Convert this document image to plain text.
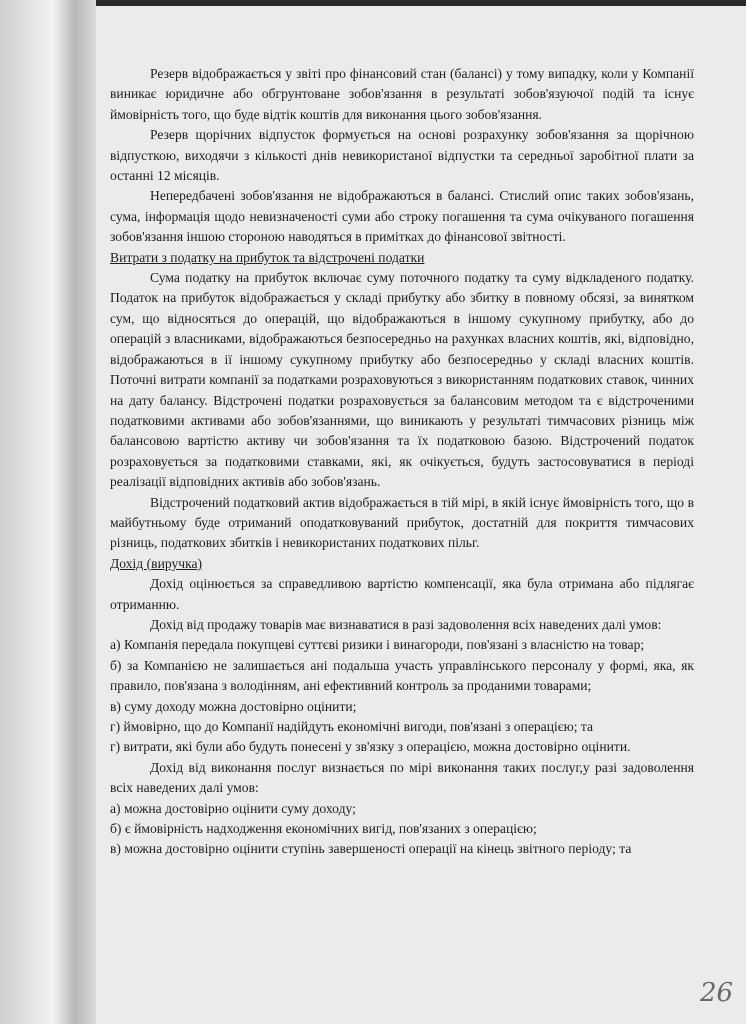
Резерв відображається у звіті про фінансовий стан (балансі) у тому випадку, коли у Компанії виникає юридичне або обгрунтоване зобов'язання в результаті зобов'язуючої подій та існує ймовірність того, що буде відтік коштів для виконання цього зобов'язання.

Резерв щорічних відпусток формується на основі розрахунку зобов'язання за щорічною відпусткою, виходячи з кількості днів невикористаної відпустки та середньої заробітної плати за останні 12 місяців.

Непередбачені зобов'язання не відображаються в балансі. Стислий опис таких зобов'язань, сума, інформація щодо невизначеності суми або строку погашення та сума очікуваного погашення зобов'язання іншою стороною наводяться в примітках до фінансової звітності.

Витрати з податку на прибуток та відстрочені податки

Сума податку на прибуток включає суму поточного податку та суму відкладеного податку. Податок на прибуток відображається у складі прибутку або збитку в повному обсязі, за винятком сум, що відносяться до операцій, що відображаються в іншому сукупному прибутку, або до операцій з власниками, відображаються безпосередньо на рахунках власних коштів, які, відповідно, відображаються в ії іншому сукупному прибутку або безпосередньо у складі власних коштів. Поточні витрати компанії за податками розраховуються з використанням податкових ставок, чинних на дату балансу. Відстрочені податки розраховується за балансовим методом та є відстроченими податковими активами або зобов'язаннями, що виникають у результаті тимчасових різниць між балансовою вартістю активу чи зобов'язання та їх податковою базою. Відстрочений податок розраховується за податковими ставками, які, як очікується, будуть застосовуватися в періоді реалізації відповідних активів або зобов'язань.

Відстрочений податковий актив відображається в тій мірі, в якій існує ймовірність того, що в майбутньому буде отриманий оподатковуваний прибуток, достатній для покриття тимчасових різниць, податкових збитків і невикористаних податкових пільг.

Дохід (виручка)

Дохід оцінюється за справедливою вартістю компенсації, яка була отримана або підлягає отриманню.

Дохід від продажу товарів має визнаватися в разі задоволення всіх наведених далі умов:

а) Компанія передала покупцеві суттєві ризики і винагороди, пов'язані з власністю на товар;

б) за Компанією не залишається ані подальша участь управлінського персоналу у формі, яка, як правило, пов'язана з володінням, ані ефективний контроль за проданими товарами;

в) суму доходу можна достовірно оцінити;

г) ймовірно, що до Компанії надійдуть економічні вигоди, пов'язані з операцією; та

г) витрати, які були або будуть понесені у зв'язку з операцією, можна достовірно оцінити.

Дохід від виконання послуг визнається по мірі виконання таких послуг,у разі задоволення всіх наведених далі умов:

а) можна достовірно оцінити суму доходу;

б) є ймовірність надходження економічних вигід, пов'язаних з операцією;

в) можна достовірно оцінити ступінь завершеності операції на кінець звітного періоду; та

26
